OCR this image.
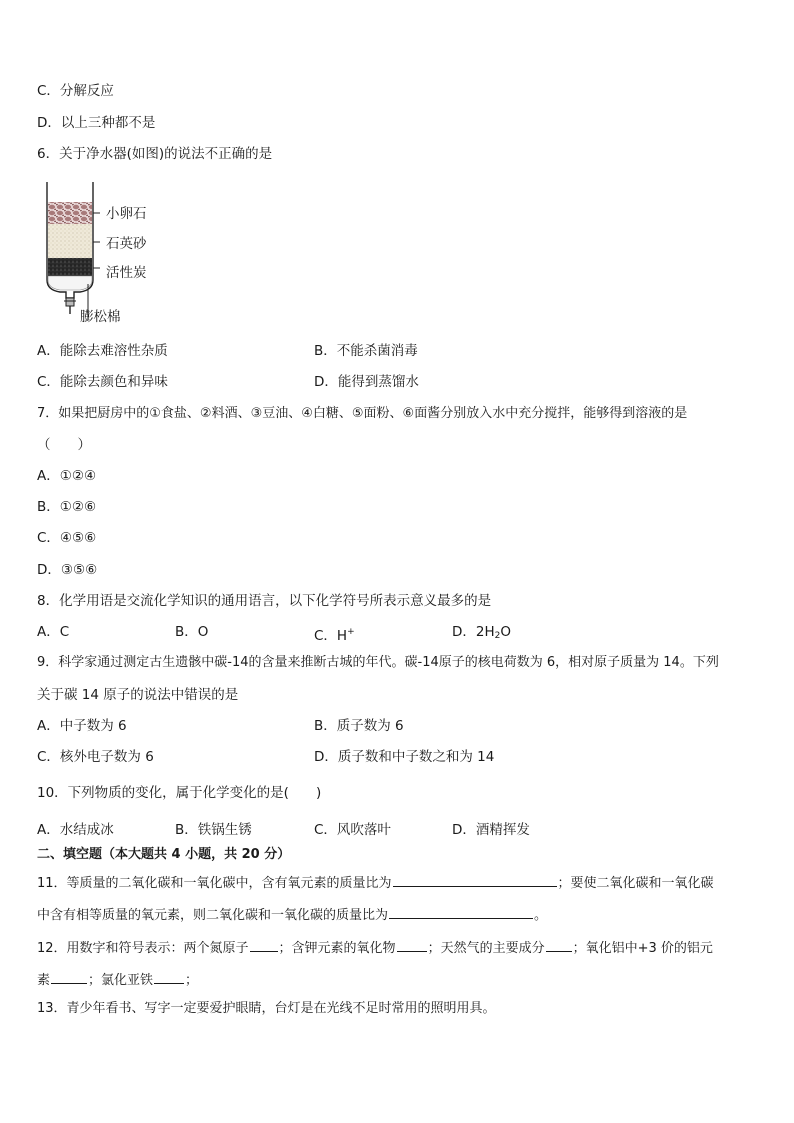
C．分解反应
D．以上三种都不是
6．关于净水器(如图)的说法不正确的是
小卵石
石英砂
活性炭
膨松棉
A．能除去难溶性杂质	B．不能杀菌消毒
C．能除去颜色和异味	D．能得到蒸馏水
7．如果把厨房中的①食盐、②料酒、③豆油、④白糖、⑤面粉、⑥面酱分别放入水中充分搅拌，能够得到溶液的是
（　　）
A．①②④
B．①②⑥
C．④⑤⑥
D．③⑤⑥
8．化学用语是交流化学知识的通用语言，以下化学符号所表示意义最多的是
A．C	B．O	C．H+	D．$2H_2O$
9．科学家通过测定古生遗骸中碳-14的含量来推断古城的年代。碳-14原子的核电荷数为 6，相对原子质量为 14。下列
关于碳 14 原子的说法中错误的是
A．中子数为 6	B．质子数为 6
C．核外电子数为 6	D．质子数和中子数之和为 14
10．下列物质的变化，属于化学变化的是(　　)
A．水结成冰	B．铁锅生锈	C．风吹落叶	D．酒精挥发
二、填空题（本大题共 4 小题，共 20 分）
11．等质量的二氧化碳和一氧化碳中，含有氧元素的质量比为	；要使二氧化碳和一氧化碳
中含有相等质量的氧元素，则二氧化碳和一氧化碳的质量比为	。
12．用数字和符号表示：两个氮原子 ；含钾元素的氧化物 ；天然气的主要成分 ；氧化铝中+3 价的铝元
素	；氯化亚铁 ；
13．青少年看书、写字一定要爱护眼睛，台灯是在光线不足时常用的照明用具。
